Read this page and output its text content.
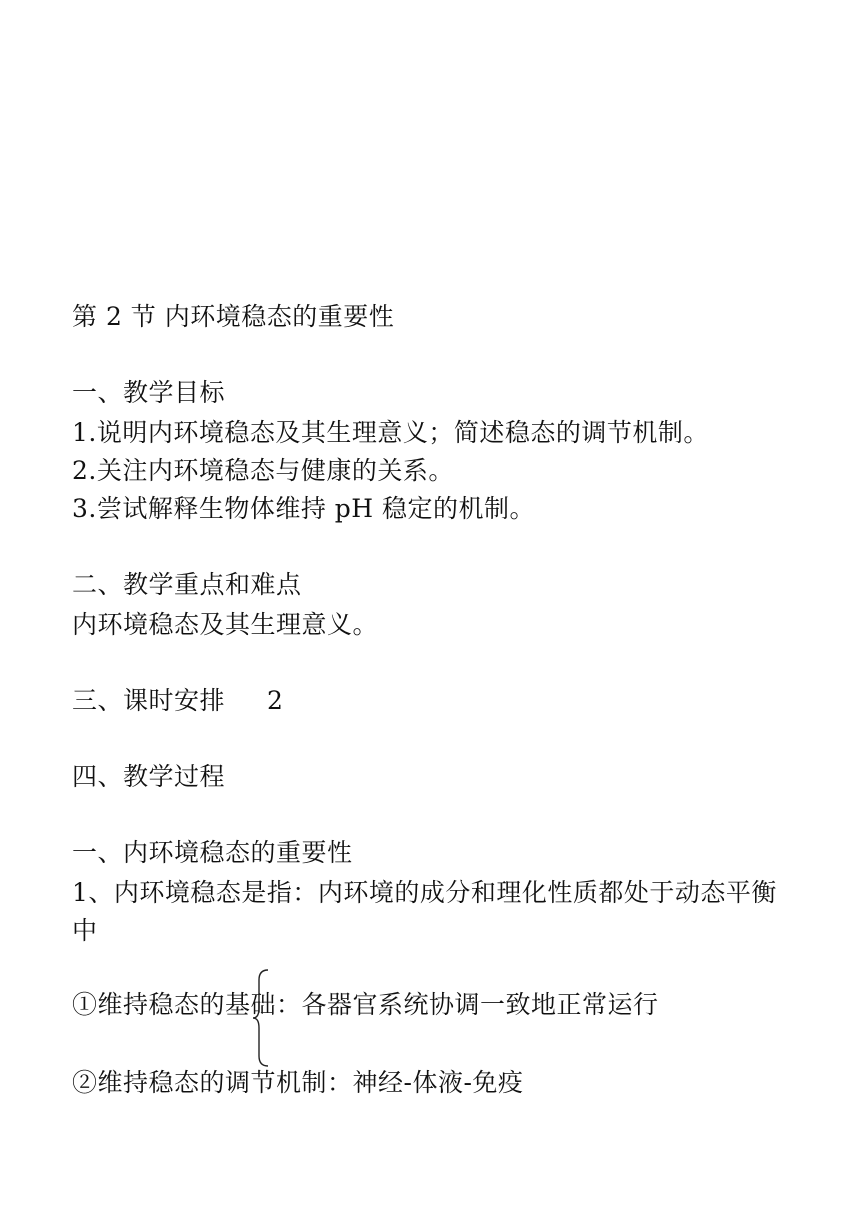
第 2 节 内环境稳态的重要性
一、教学目标
1.说明内环境稳态及其生理意义；简述稳态的调节机制。
2.关注内环境稳态与健康的关系。
3.尝试解释生物体维持 pH 稳定的机制。
二、教学重点和难点
内环境稳态及其生理意义。
三、课时安排 2
四、教学过程
一、内环境稳态的重要性
1、内环境稳态是指：内环境的成分和理化性质都处于动态平衡中
①维持稳态的基础：各器官系统协调一致地正常运行
②维持稳态的调节机制：神经-体液-免疫
